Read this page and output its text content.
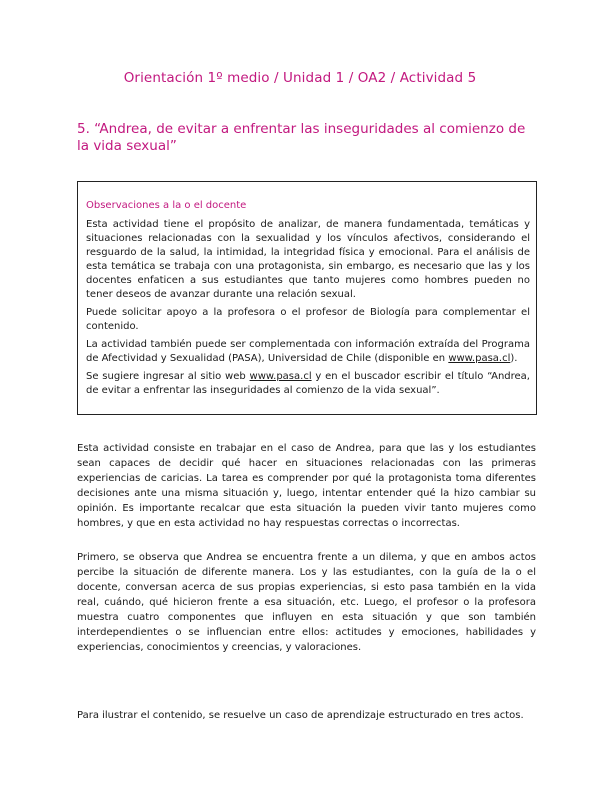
Orientación 1º medio / Unidad 1 / OA2 / Actividad 5
5. “Andrea, de evitar a enfrentar las inseguridades al comienzo de la vida sexual”
Observaciones a la o el docente

Esta actividad tiene el propósito de analizar, de manera fundamentada, temáticas y situaciones relacionadas con la sexualidad y los vínculos afectivos, considerando el resguardo de la salud, la intimidad, la integridad física y emocional. Para el análisis de esta temática se trabaja con una protagonista, sin embargo, es necesario que las y los docentes enfaticen a sus estudiantes que tanto mujeres como hombres pueden no tener deseos de avanzar durante una relación sexual.

Puede solicitar apoyo a la profesora o el profesor de Biología para complementar el contenido.

La actividad también puede ser complementada con información extraída del Programa de Afectividad y Sexualidad (PASA), Universidad de Chile (disponible en www.pasa.cl).

Se sugiere ingresar al sitio web www.pasa.cl y en el buscador escribir el título “Andrea, de evitar a enfrentar las inseguridades al comienzo de la vida sexual”.

Esta actividad consiste en trabajar en el caso de Andrea, para que las y los estudiantes sean capaces de decidir qué hacer en situaciones relacionadas con las primeras experiencias de caricias. La tarea es comprender por qué la protagonista toma diferentes decisiones ante una misma situación y, luego, intentar entender qué la hizo cambiar su opinión. Es importante recalcar que esta situación la pueden vivir tanto mujeres como hombres, y que en esta actividad no hay respuestas correctas o incorrectas.

Primero, se observa que Andrea se encuentra frente a un dilema, y que en ambos actos percibe la situación de diferente manera. Los y las estudiantes, con la guía de la o el docente, conversan acerca de sus propias experiencias, si esto pasa también en la vida real, cuándo, qué hicieron frente a esa situación, etc. Luego, el profesor o la profesora muestra cuatro componentes que influyen en esta situación y que son también interdependientes o se influencian entre ellos: actitudes y emociones, habilidades y experiencias, conocimientos y creencias, y valoraciones.

Para ilustrar el contenido, se resuelve un caso de aprendizaje estructurado en tres actos.
